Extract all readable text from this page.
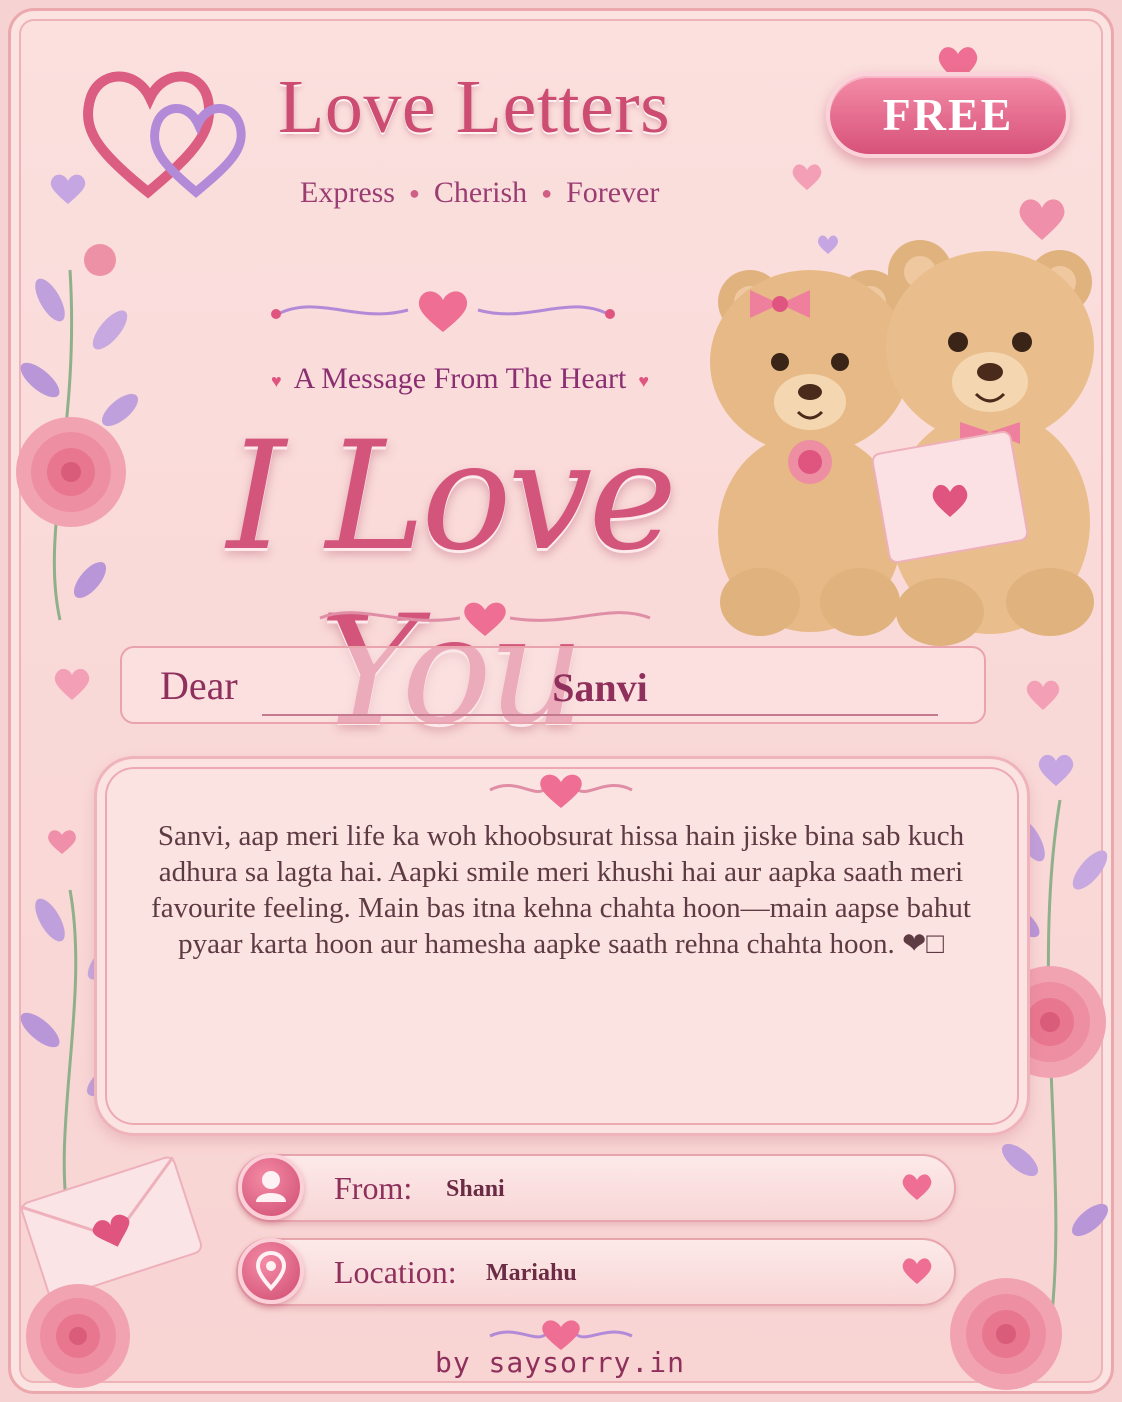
Love Letters
Express ● Cherish ● Forever
FREE
♥ A Message From The Heart ♥
I Love
Dear	Sanvi
Sanvi, aap meri life ka woh khoobsurat hissa hain jiske bina sab kuch adhura sa lagta hai. Aapki smile meri khushi hai aur aapka saath meri favourite feeling. Main bas itna kehna chahta hoon—main aapse bahut pyaar karta hoon aur hamesha aapke saath rehna chahta hoon. ❤□
From: Shani
Location: Mariahu
by saysorry.in
